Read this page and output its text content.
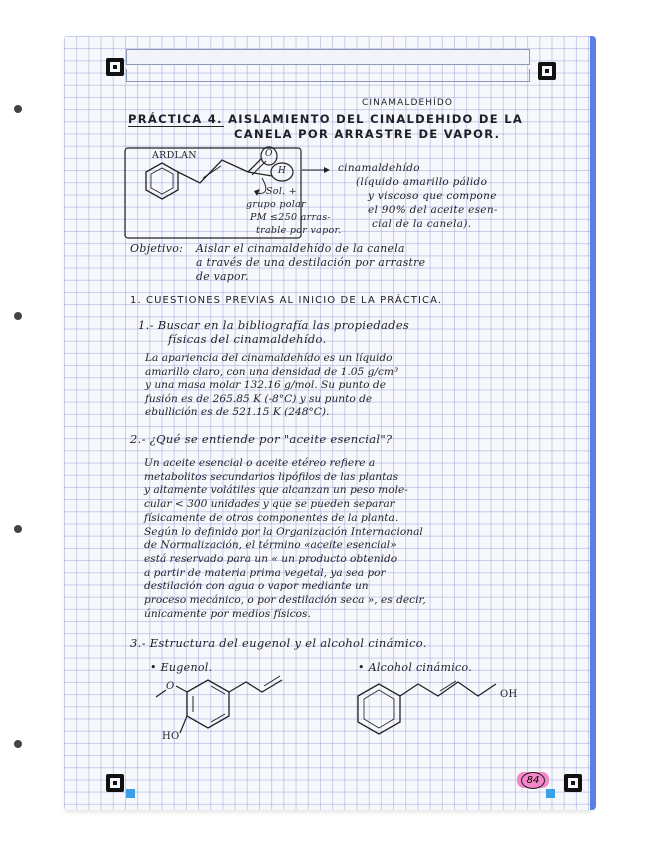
84
CINAMALDEHÍDO
PRÁCTICA 4. AISLAMIENTO DEL CINALDEHIDO DE LA
CANELA POR ARRASTRE DE VAPOR.
ARDLAN	O
H
Sol. +
grupo polar
PM ≤250 arras-
trable por vapor.
cinamaldehído
(líquido amarillo pálido
y viscoso que compone
el 90% del aceite esen-
cial de la canela).
Objetivo: Aislar el cinamaldehído de la canela
a través de una destilación por arrastre
de vapor.
1. CUESTIONES PREVIAS AL INICIO DE LA PRÁCTICA.
1.- Buscar en la bibliografía las propiedades
físicas del cinamaldehído.
La apariencia del cinamaldehído es un líquido
amarillo claro, con una densidad de 1.05 g/cm³
y una masa molar 132.16 g/mol. Su punto de
fusión es de 265.85 K (-8°C) y su punto de
ebullición es de 521.15 K (248°C).
2.- ¿Qué se entiende por "aceite esencial"?
Un aceite esencial o aceite etéreo refiere a
metabolitos secundarios lipófilos de las plantas
y altamente volátiles que alcanzan un peso mole-
cular < 300 unidades y que se pueden separar
físicamente de otros componentes de la planta.
Según lo definido por la Organización Internacional
de Normalización, el término «aceite esencial»
está reservado para un « un producto obtenido
a partir de materia prima vegetal, ya sea por
destilación con agua o vapor mediante un
proceso mecánico, o por destilación seca », es decir,
únicamente por medios físicos.
3.- Estructura del eugenol y el alcohol cinámico.
• Eugenol.	• Alcohol cinámico.
O
HO
OH
